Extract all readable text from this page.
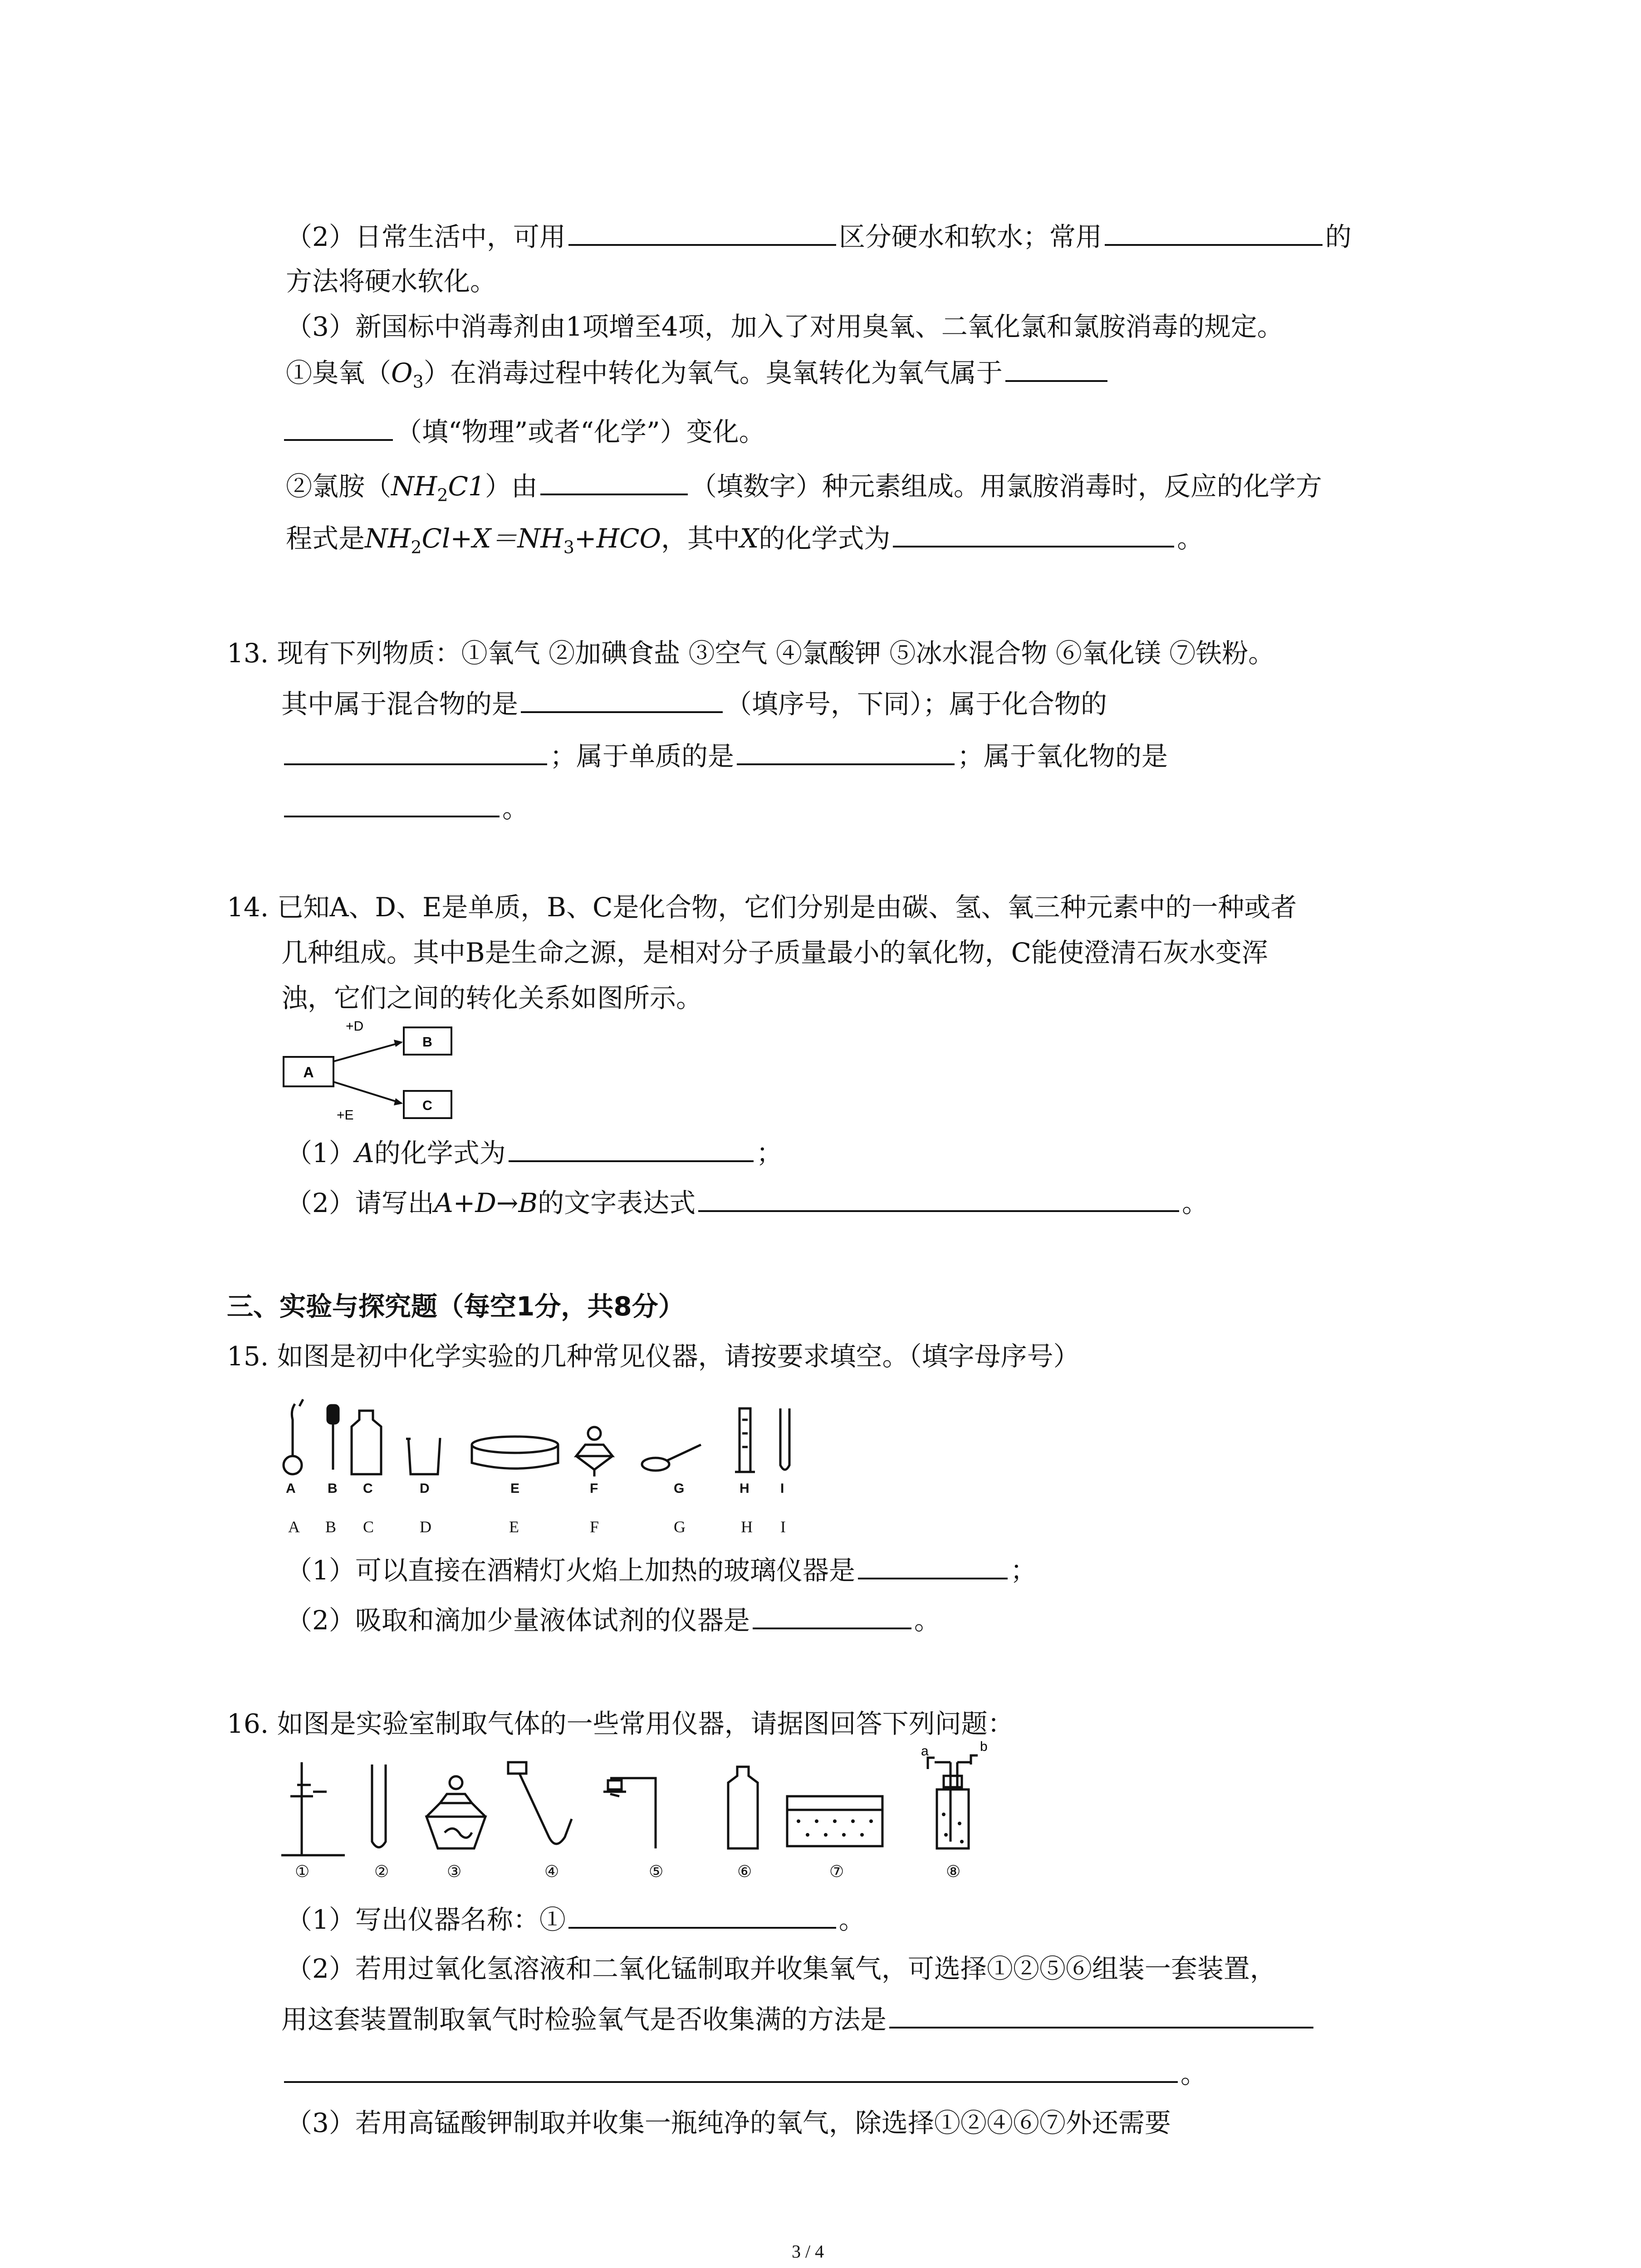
（2）日常生活中，可用	区分硬水和软水；常用	的
方法将硬水软化。
（3）新国标中消毒剂由1项增至4项，加入了对用臭氧、二氧化氯和氯胺消毒的规定。
①臭氧$(O_3)$在消毒过程中转化为氧气。臭氧转化为氧气属于
（填“物理”或者“化学”）变化。
②氯胺$(NH_2C1)$由	（填数字）种元素组成。用氯胺消毒时，反应的化学方
程式是$NH_2Cl+X=NH_3+HCO$，其中X的化学式为	。
13. 现有下列物质：①氧气 ②加碘食盐 ③空气 ④氯酸钾 ⑤冰水混合物 ⑥氧化镁 ⑦铁粉。
其中属于混合物的是	（填序号，下同）；属于化合物的
；属于单质的是	；属于氧化物的是
。
14. 已知A、D、E是单质，B、C是化合物，它们分别是由碳、氢、氧三种元素中的一种或者
几种组成。其中B是生命之源，是相对分子质量最小的氧化物，C能使澄清石灰水变浑
浊，它们之间的转化关系如图所示。
A
B
C
+D
+E
（1）A的化学式为	；
（2）请写出A+D→B的文字表达式	。
三、实验与探究题（每空1分，共8分）
15. 如图是初中化学实验的几种常见仪器，请按要求填空。（填字母序号）
A B C	D	E	F	G	H I
A B C	D	E	F	G	H I
（1）可以直接在酒精灯火焰上加热的玻璃仪器是	；
（2）吸取和滴加少量液体试剂的仪器是	。
16. 如图是实验室制取气体的一些常用仪器，请据图回答下列问题：
a	b
①	②	③	④	⑤	⑥	⑦	⑧
（1）写出仪器名称：①	。
（2）若用过氧化氢溶液和二氧化锰制取并收集氧气，可选择①②⑤⑥组装一套装置，
用这套装置制取氧气时检验氧气是否收集满的方法是
。
（3）若用高锰酸钾制取并收集一瓶纯净的氧气，除选择①②④⑥⑦外还需要
3 / 4
